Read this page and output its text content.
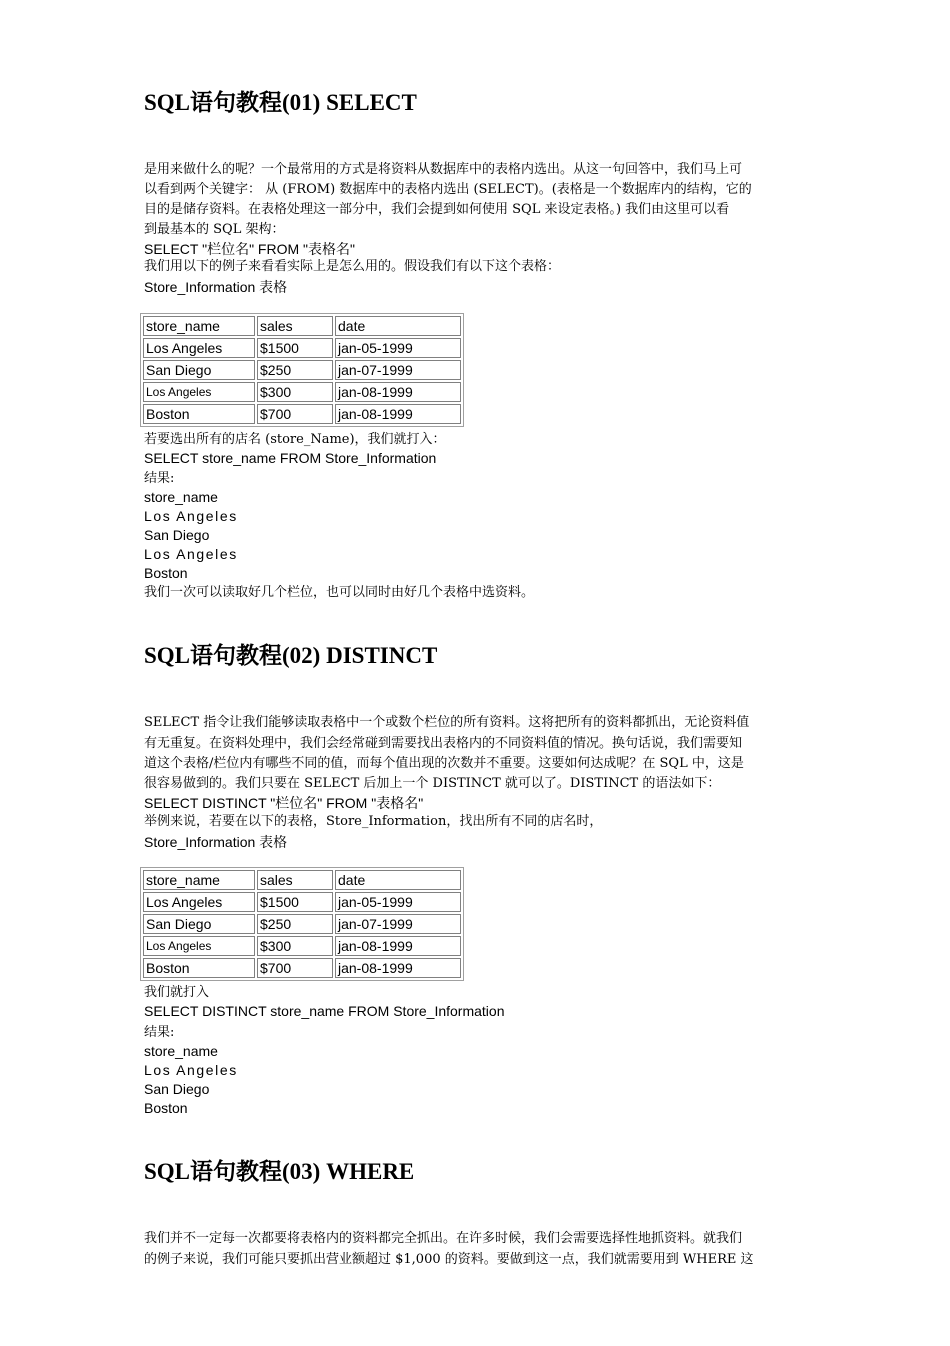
SQL语句教程(01) SELECT
是用来做什么的呢？一个最常用的方式是将资料从数据库中的表格内选出。从这一句回答中，我们马上可
以看到两个关键字： 从 (FROM) 数据库中的表格内选出 (SELECT)。(表格是一个数据库内的结构，它的
目的是储存资料。在表格处理这一部分中，我们会提到如何使用 SQL 来设定表格。) 我们由这里可以看
到最基本的 SQL 架构：
SELECT "栏位名" FROM "表格名"
我们用以下的例子来看看实际上是怎么用的。假设我们有以下这个表格：
Store_Information 表格
store_name	sales	date
Los Angeles	$1500	jan-05-1999
San Diego	$250	jan-07-1999
Los Angeles	$300	jan-08-1999
Boston	$700	jan-08-1999
若要选出所有的店名 (store_Name)，我们就打入：
SELECT store_name FROM Store_Information
结果:
store_name
Los Angeles
San Diego
Los Angeles
Boston
我们一次可以读取好几个栏位，也可以同时由好几个表格中选资料。
SQL语句教程(02) DISTINCT
SELECT 指令让我们能够读取表格中一个或数个栏位的所有资料。这将把所有的资料都抓出，无论资料值
有无重复。在资料处理中，我们会经常碰到需要找出表格内的不同资料值的情况。换句话说，我们需要知
道这个表格/栏位内有哪些不同的值，而每个值出现的次数并不重要。这要如何达成呢？在 SQL 中，这是
很容易做到的。我们只要在 SELECT 后加上一个 DISTINCT 就可以了。DISTINCT 的语法如下：
SELECT DISTINCT "栏位名" FROM "表格名"
举例来说，若要在以下的表格，Store_Information，找出所有不同的店名时，
Store_Information 表格
store_name	sales	date
Los Angeles	$1500	jan-05-1999
San Diego	$250	jan-07-1999
Los Angeles	$300	jan-08-1999
Boston	$700	jan-08-1999
我们就打入
SELECT DISTINCT store_name FROM Store_Information
结果:
store_name
Los Angeles
San Diego
Boston
SQL语句教程(03) WHERE
我们并不一定每一次都要将表格内的资料都完全抓出。在许多时候，我们会需要选择性地抓资料。就我们
的例子来说，我们可能只要抓出营业额超过 $1,000 的资料。要做到这一点，我们就需要用到 WHERE 这
